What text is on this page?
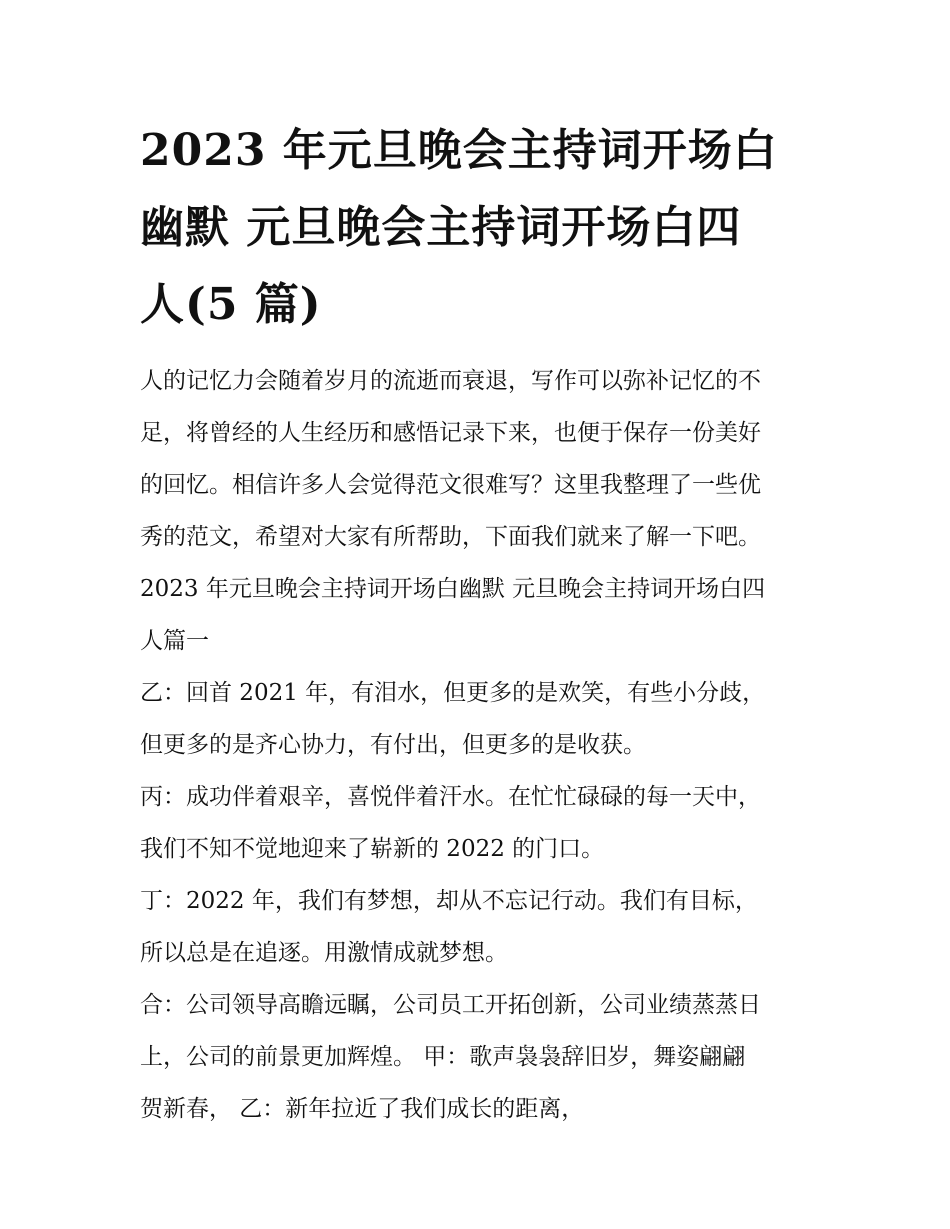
2023 年元旦晚会主持词开场白
幽默 元旦晚会主持词开场白四
人(5 篇)

人的记忆力会随着岁月的流逝而衰退，写作可以弥补记忆的不
足，将曾经的人生经历和感悟记录下来，也便于保存一份美好
的回忆。相信许多人会觉得范文很难写？这里我整理了一些优
秀的范文，希望对大家有所帮助，下面我们就来了解一下吧。

2023 年元旦晚会主持词开场白幽默 元旦晚会主持词开场白四
人篇一

乙：回首 2021 年，有泪水，但更多的是欢笑，有些小分歧，
但更多的是齐心协力，有付出，但更多的是收获。

丙：成功伴着艰辛，喜悦伴着汗水。在忙忙碌碌的每一天中，
我们不知不觉地迎来了崭新的 2022 的门口。

丁：2022 年，我们有梦想，却从不忘记行动。我们有目标，
所以总是在追逐。用激情成就梦想。

合：公司领导高瞻远瞩，公司员工开拓创新，公司业绩蒸蒸日
上，公司的前景更加辉煌。 甲：歌声袅袅辞旧岁，舞姿翩翩
贺新春， 乙：新年拉近了我们成长的距离，
